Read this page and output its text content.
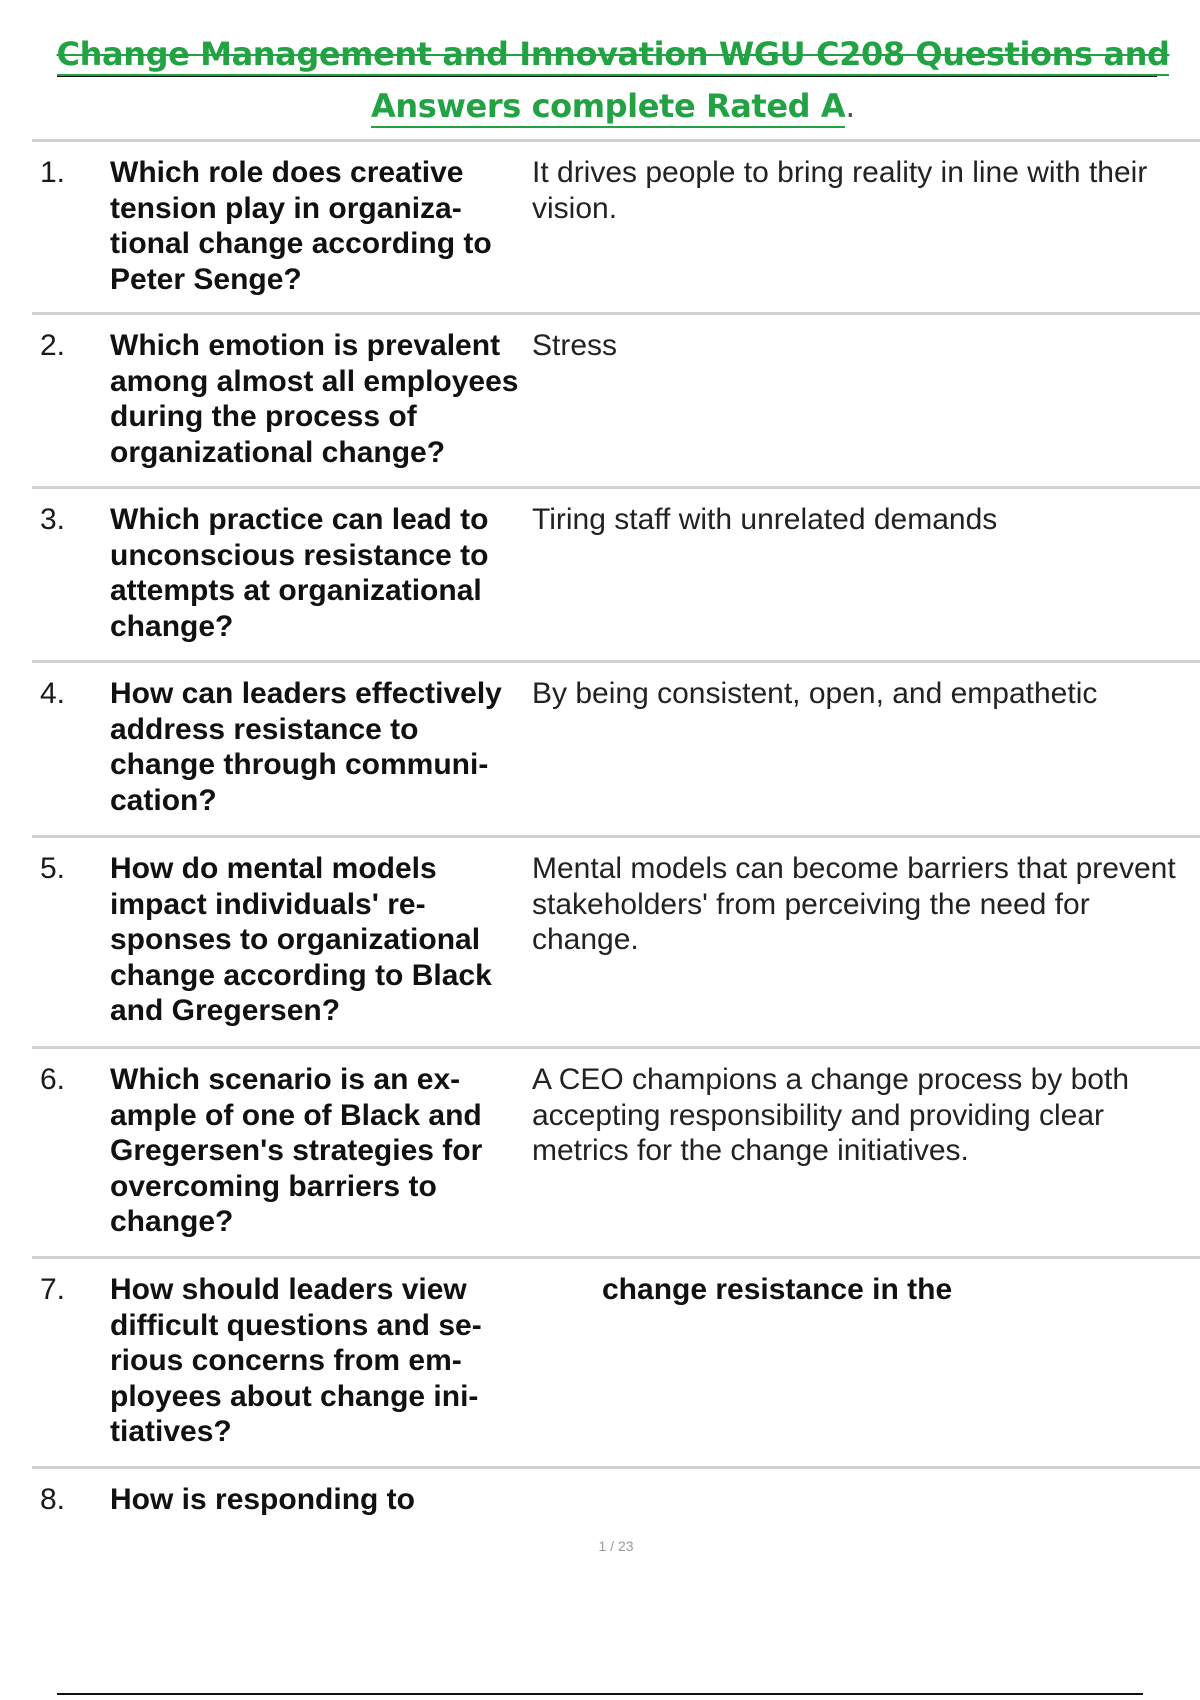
Change Management and Innovation WGU C208 Questions and
Answers complete Rated A.
1. Which role does creative tension play in organizational change according to Peter Senge?
It drives people to bring reality in line with their vision.
2. Which emotion is prevalent among almost all employees during the process of organizational change?
Stress
3. Which practice can lead to unconscious resistance to attempts at organizational change?
Tiring staff with unrelated demands
4. How can leaders effectively address resistance to change through communication?
By being consistent, open, and empathetic
5. How do mental models impact individuals' responses to organizational change according to Black and Gregersen?
Mental models can become barriers that prevent stakeholders' from perceiving the need for change.
6. Which scenario is an example of one of Black and Gregersen's strategies for overcoming barriers to change?
A CEO champions a change process by both accepting responsibility and providing clear metrics for the change initiatives.
7. How should leaders view difficult questions and serious concerns from employees about change initiatives?
change resistance in the
8. How is responding to
1 / 23
